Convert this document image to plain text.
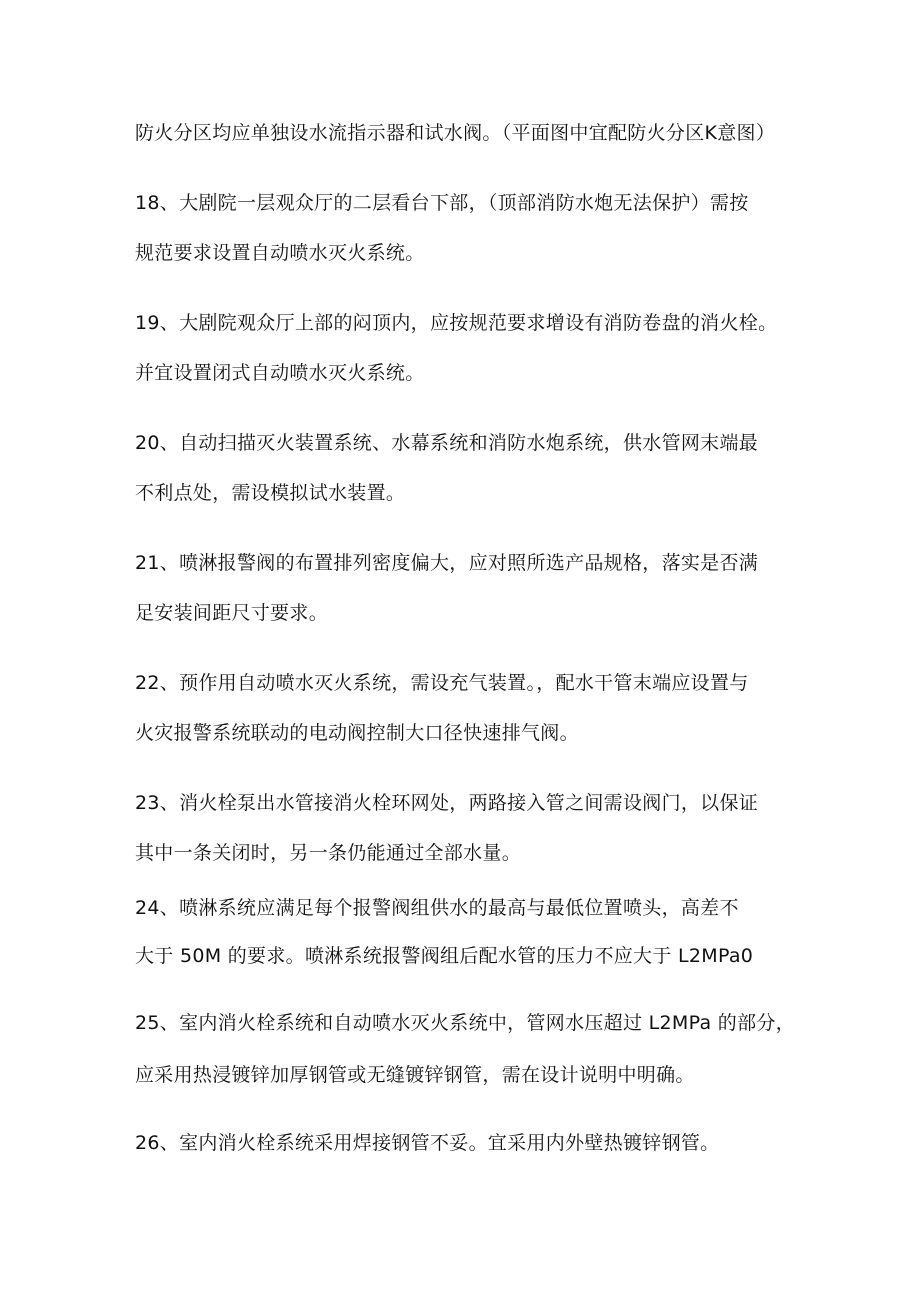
防火分区均应单独设水流指示器和试水阀。（平面图中宜配防火分区K意图）

18、大剧院一层观众厅的二层看台下部，（顶部消防水炮无法保护）需按

规范要求设置自动喷水灭火系统。

19、大剧院观众厅上部的闷顶内，应按规范要求增设有消防卷盘的消火栓。

并宜设置闭式自动喷水灭火系统。

20、自动扫描灭火装置系统、水幕系统和消防水炮系统，供水管网末端最

不利点处，需设模拟试水装置。

21、喷淋报警阀的布置排列密度偏大，应对照所选产品规格，落实是否满

足安装间距尺寸要求。

22、预作用自动喷水灭火系统，需设充气装置。，配水干管末端应设置与

火灾报警系统联动的电动阀控制大口径快速排气阀。

23、消火栓泵出水管接消火栓环网处，两路接入管之间需设阀门，以保证

其中一条关闭时，另一条仍能通过全部水量。

24、喷淋系统应满足每个报警阀组供水的最高与最低位置喷头，高差不

大于 50M 的要求。喷淋系统报警阀组后配水管的压力不应大于 L2MPa0

25、室内消火栓系统和自动喷水灭火系统中，管网水压超过 L2MPa 的部分，

应采用热浸镀锌加厚钢管或无缝镀锌钢管，需在设计说明中明确。

26、室内消火栓系统采用焊接钢管不妥。宜采用内外壁热镀锌钢管。
